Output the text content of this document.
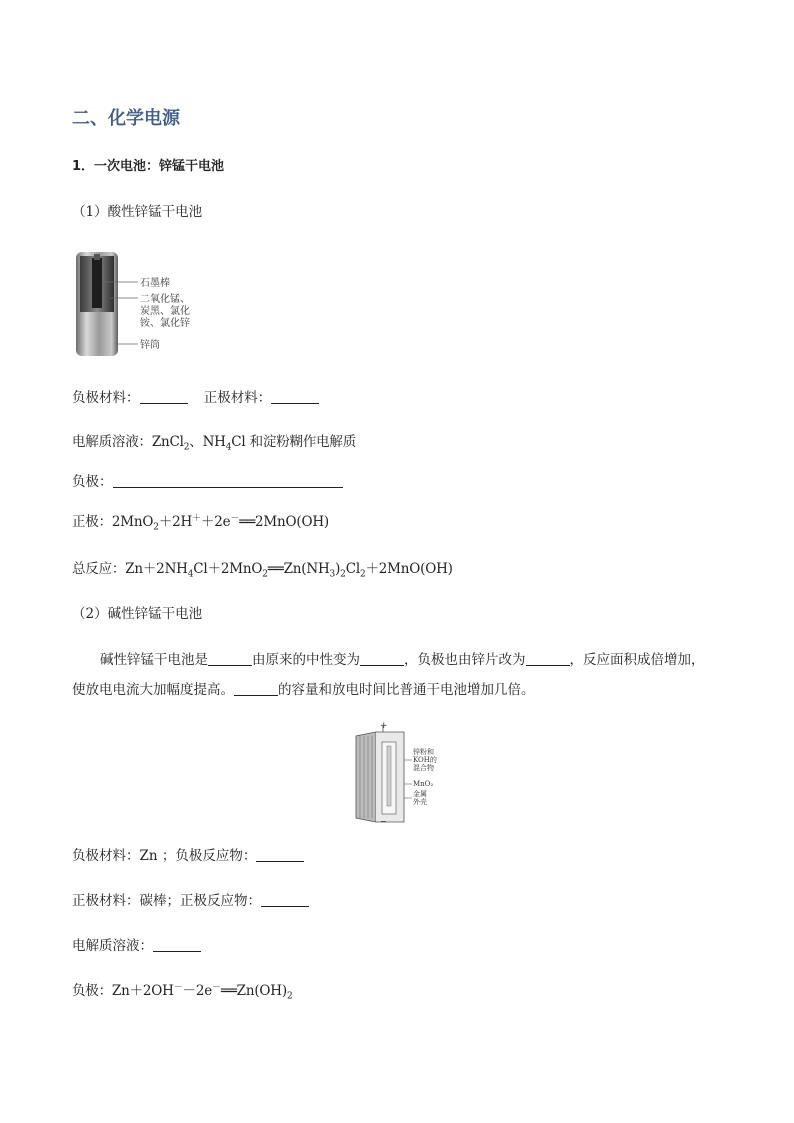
二、化学电源
1．一次电池：锌锰干电池
（1）酸性锌锰干电池
石墨棒
二氧化锰、
炭黑、氯化
铵、氯化锌
锌筒
负极材料：	正极材料：
电解质溶液：ZnCl$_2$、$NH_4Cl$ 和淀粉糊作电解质
负极：
正极：2MnO$_2$＋2H＋＋2e－══2MnO(OH)
总反应：$Zn+2NH_4Cl+2MnO_2══Zn(NH_3)_2Cl_2+2MnO(OH)$
（2）碱性锌锰干电池

碱性锌锰干电池是	由原来的中性变为	，负极也由锌片改为	，反应面积成倍增加，

使放电电流大加幅度提高。	的容量和放电时间比普通干电池增加几倍。

+
锌粉和
KOH的
混合物
MnO₂
金属
外壳
−
负极材料：Zn ；负极反应物：
正极材料：碳棒；正极反应物：
电解质溶液：
负极：$Zn+2OH^--2e^-══Zn(OH)_2$
